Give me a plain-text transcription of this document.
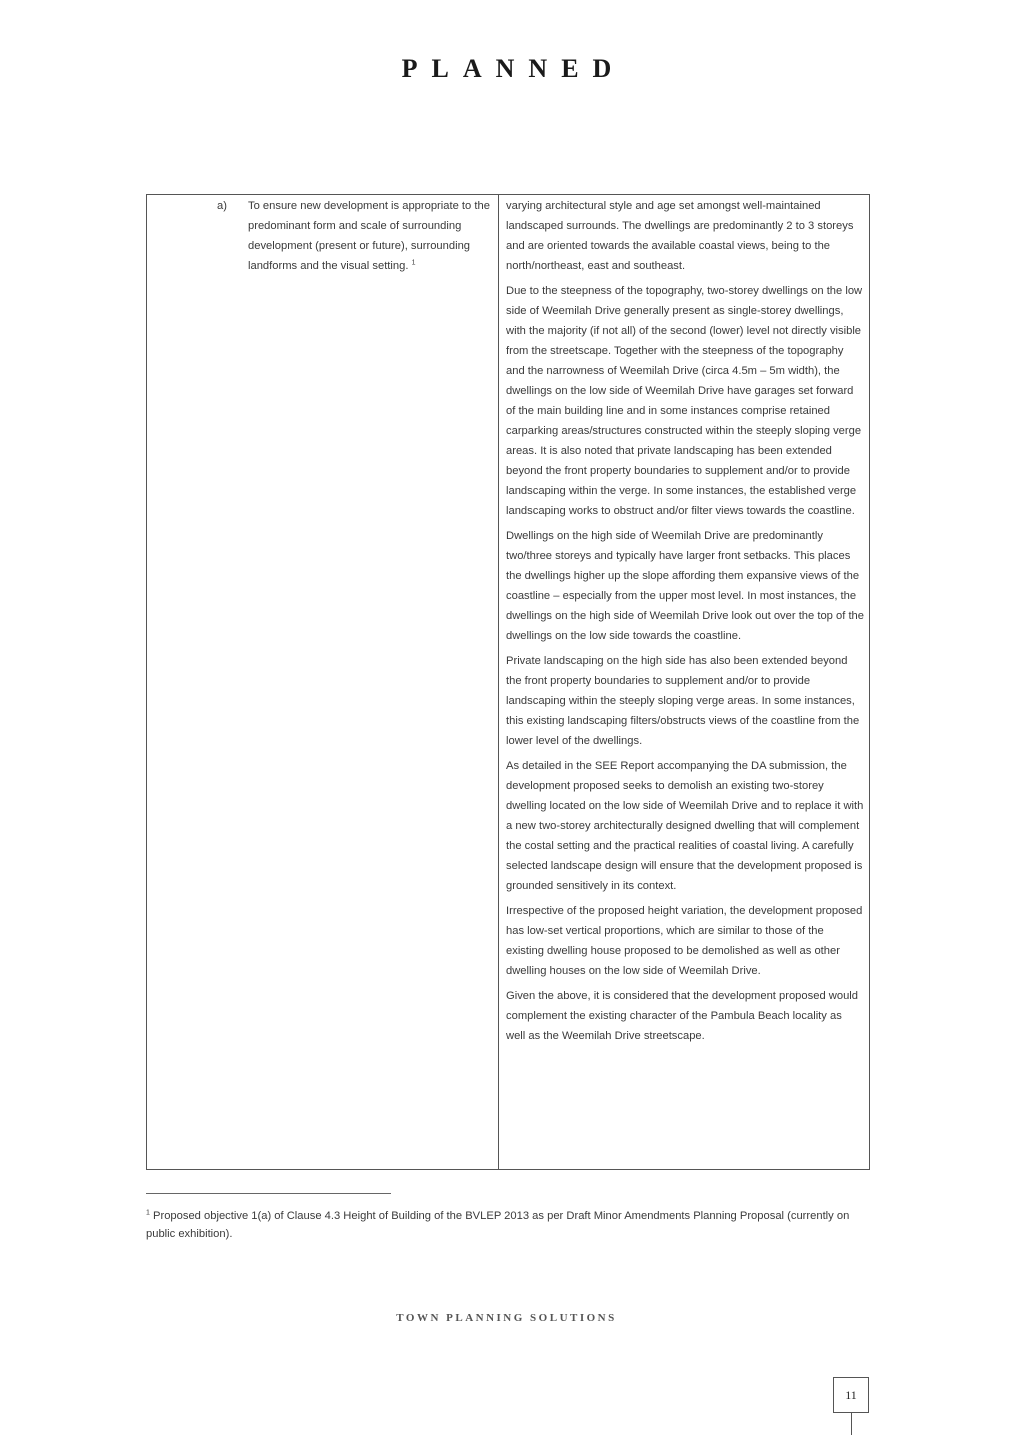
PLANNED
a) To ensure new development is appropriate to the predominant form and scale of surrounding development (present or future), surrounding landforms and the visual setting. $^1$

varying architectural style and age set amongst well-maintained landscaped surrounds. The dwellings are predominantly 2 to 3 storeys and are oriented towards the available coastal views, being to the north/northeast, east and southeast.

Due to the steepness of the topography, two-storey dwellings on the low side of Weemilah Drive generally present as single-storey dwellings, with the majority (if not all) of the second (lower) level not directly visible from the streetscape. Together with the steepness of the topography and the narrowness of Weemilah Drive (circa 4.5m – 5m width), the dwellings on the low side of Weemilah Drive have garages set forward of the main building line and in some instances comprise retained carparking areas/structures constructed within the steeply sloping verge areas. It is also noted that private landscaping has been extended beyond the front property boundaries to supplement and/or to provide landscaping within the verge. In some instances, the established verge landscaping works to obstruct and/or filter views towards the coastline.

Dwellings on the high side of Weemilah Drive are predominantly two/three storeys and typically have larger front setbacks. This places the dwellings higher up the slope affording them expansive views of the coastline – especially from the upper most level. In most instances, the dwellings on the high side of Weemilah Drive look out over the top of the dwellings on the low side towards the coastline.

Private landscaping on the high side has also been extended beyond the front property boundaries to supplement and/or to provide landscaping within the steeply sloping verge areas. In some instances, this existing landscaping filters/obstructs views of the coastline from the lower level of the dwellings.

As detailed in the SEE Report accompanying the DA submission, the development proposed seeks to demolish an existing two-storey dwelling located on the low side of Weemilah Drive and to replace it with a new two-storey architecturally designed dwelling that will complement the costal setting and the practical realities of coastal living. A carefully selected landscape design will ensure that the development proposed is grounded sensitively in its context.

Irrespective of the proposed height variation, the development proposed has low-set vertical proportions, which are similar to those of the existing dwelling house proposed to be demolished as well as other dwelling houses on the low side of Weemilah Drive.

Given the above, it is considered that the development proposed would complement the existing character of the Pambula Beach locality as well as the Weemilah Drive streetscape.

$^1$ Proposed objective 1(a) of Clause 4.3 Height of Building of the BVLEP 2013 as per Draft Minor Amendments Planning Proposal (currently on public exhibition).

TOWN PLANNING SOLUTIONS
11
